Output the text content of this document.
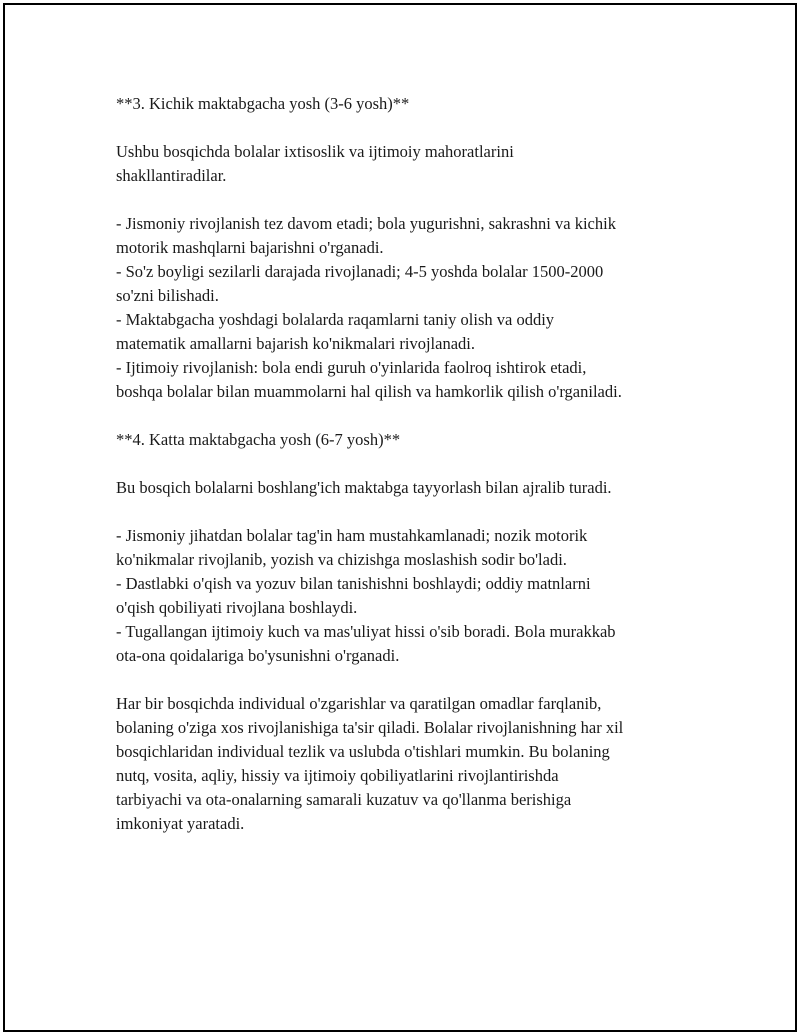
**3. Kichik maktabgacha yosh (3-6 yosh)**
Ushbu bosqichda bolalar ixtisoslik va ijtimoiy mahoratlarini
shakllantiradilar.
- Jismoniy rivojlanish tez davom etadi; bola yugurishni, sakrashni va kichik
motorik mashqlarni bajarishni o'rganadi.
- So'z boyligi sezilarli darajada rivojlanadi; 4-5 yoshda bolalar 1500-2000
so'zni bilishadi.
- Maktabgacha yoshdagi bolalarda raqamlarni taniy olish va oddiy
matematik amallarni bajarish ko'nikmalari rivojlanadi.
- Ijtimoiy rivojlanish: bola endi guruh o'yinlarida faolroq ishtirok etadi,
boshqa bolalar bilan muammolarni hal qilish va hamkorlik qilish o'rganiladi.
**4. Katta maktabgacha yosh (6-7 yosh)**
Bu bosqich bolalarni boshlang'ich maktabga tayyorlash bilan ajralib turadi.
- Jismoniy jihatdan bolalar tag'in ham mustahkamlanadi; nozik motorik
ko'nikmalar rivojlanib, yozish va chizishga moslashish sodir bo'ladi.
- Dastlabki o'qish va yozuv bilan tanishishni boshlaydi; oddiy matnlarni
o'qish qobiliyati rivojlana boshlaydi.
- Tugallangan ijtimoiy kuch va mas'uliyat hissi o'sib boradi. Bola murakkab
ota-ona qoidalariga bo'ysunishni o'rganadi.
Har bir bosqichda individual o'zgarishlar va qaratilgan omadlar farqlanib,
bolaning o'ziga xos rivojlanishiga ta'sir qiladi. Bolalar rivojlanishning har xil
bosqichlaridan individual tezlik va uslubda o'tishlari mumkin. Bu bolaning
nutq, vosita, aqliy, hissiy va ijtimoiy qobiliyatlarini rivojlantirishda
tarbiyachi va ota-onalarning samarali kuzatuv va qo'llanma berishiga
imkoniyat yaratadi.
